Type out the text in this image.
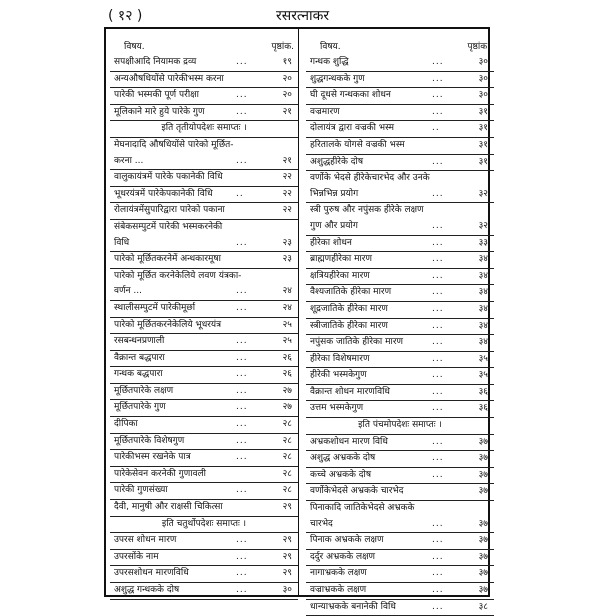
( १२ )	रसरत्नाकर
विषय.	पृष्ठांक.
सपक्षीआदि नियामक द्रव्य	...	१९
अन्यऔषधियोंसे पारेकीभस्म करना	२०
पारेकी भस्मकी पूर्ण परीक्षा	...	२०
मूलिकाने मारे हुये पारेके गुण	...	२१
इति तृतीयोपदेशः समाप्तः ।
मेघनादादि औषधियोंसे पारेको मूर्छित-
करना ...	...	२१
वालुकायंत्रमें पारेके पकानेकी विधि	२२
भूधरयंत्रमें पारेकेपकानेकी विधि	..	२२
रोलायंत्रमेंसुपारिद्वारा पारेको पकाना	२२
संबेकसम्पुटमें पारेकी भस्मकरनेकी
विधि	...	२३
पारेको मूर्छितकरनेमें अन्धकारमूषा	२३
पारेको मूर्छित करनेकेलिये लवण यंत्रका-
वर्णन ...	...	२४
स्थालीसम्पुटमें पारेकीमूर्छा	...	२४
पारेको मूर्छितकरनेकेलिये भूधरयंत्र	२५
रसबन्धनप्रणाली	...	२५
वैक्रान्त बद्धपारा	...	२६
गन्धक बद्धपारा	...	२६
मूर्छितपारेके लक्षण	...	२७
मूर्छितपारेके गुण	...	२७
दीपिका	...	२८
मूर्छितपारेके विशेषगुण	...	२८
पारेकीभस्म रखनेके पात्र	...	२८
पारेकेसेवन करनेकी गुणावली	२८
पारेकी गुणसंख्या	...	२८
दैवी, मानुषी और राक्षसी चिकित्सा	२९
इति चतुर्थोपदेशः समाप्तः ।
उपरस शोधन मारण	...	२९
उपरसोंके नाम	...	२९
उपरसशोधन मारणविधि	...	२९
अशुद्ध गन्धकके दोष	...	३०
विषय.	पृष्ठांक.
गन्धक शुद्धि	...	३०
शुद्धगन्धकके गुण	...	३०
घी दूधसे गन्धकका शोधन	...	३०
वज्रमारण	...	३१
दोलायंत्र द्वारा वज्रकी भस्म	..	३१
हरितालके योगसे वज्रकी भस्म	३१
अशुद्धहीरेके दोष	...	३१
वर्णोके भेदसे हीरेकेचारभेद और उनके
भिन्नभिन्न प्रयोग	...	३२
स्त्री पुरुष और नपुंसक हीरेके लक्षण
गुण और प्रयोग	...	३२
हीरेका शोधन	...	३३
ब्राह्मणहीरेका मारण	...	३४
क्षत्रियहीरेका मारण	...	३४
वैश्यजातिके हीरेका मारण	...	३४
शूद्रजातिके हीरेका मारण	...	३४
स्त्रीजातिके हीरेका मारण	...	३४
नपुंसक जातिके हीरेका मारण	...	३४
हीरेका विशेषमारण	...	३५
हीरेकी भस्मकेगुण	...	३५
वैक्रान्त शोधन मारणविधि	...	३६
उत्तम भस्मकेगुण	...	३६
इति पंचमोपदेशः समाप्तः ।
अभ्रकशोधन मारण विधि	...	३७
अशुद्ध अभ्रकके दोष	...	३७
कच्चे अभ्रकके दोष	...	३७
वर्णोकेभेदसे अभ्रकके चारभेद	३७
पिनाकादि जातिकेभेदसे अभ्रकके
चारभेद	...	३७
पिनाक अभ्रकके लक्षण	...	३७
दर्दुर अभ्रकके लक्षण	...	३७
नागाभ्रकके लक्षण	...	३७
वज्राभ्रकके लक्षण	...	३७
धान्याभ्रकके बनानेकी विधि	...	३८
